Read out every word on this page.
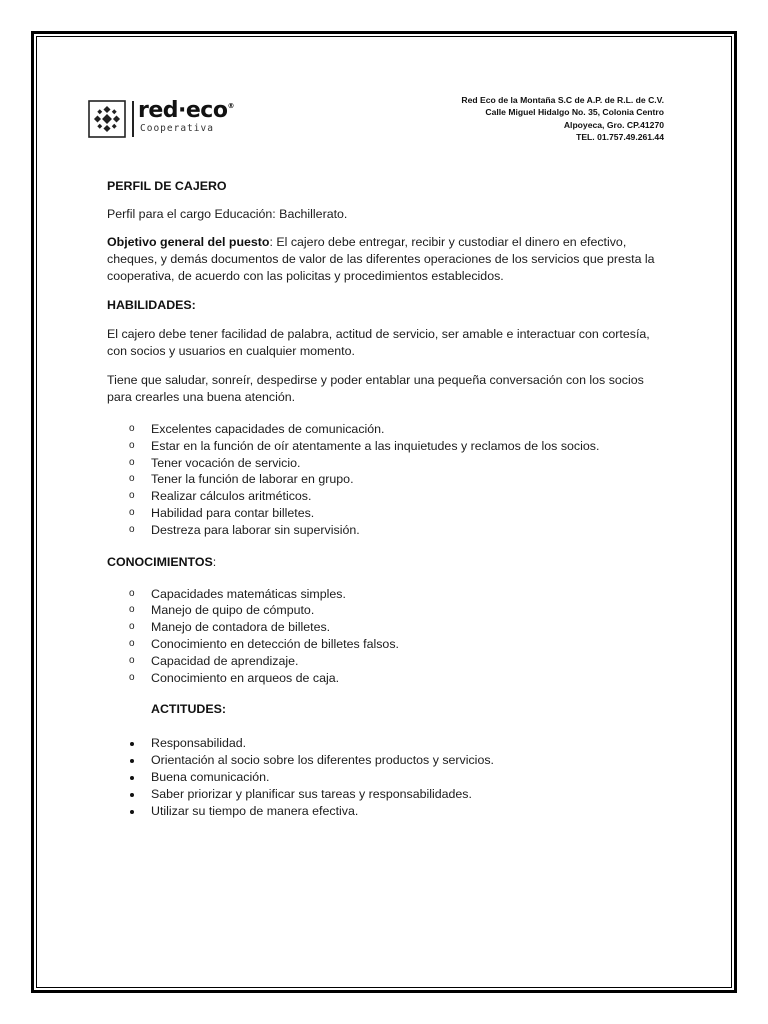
red·eco®
Cooperativa
Red Eco de la Montaña S.C de A.P. de R.L. de C.V.
Calle Miguel Hidalgo No. 35, Colonia Centro
Alpoyeca, Gro. CP.41270
TEL. 01.757.49.261.44

PERFIL DE CAJERO

Perfil para el cargo Educación: Bachillerato.

Objetivo general del puesto: El cajero debe entregar, recibir y custodiar el dinero en efectivo, cheques, y demás documentos de valor de las diferentes operaciones de los servicios que presta la cooperativa, de acuerdo con las policitas y procedimientos establecidos.

HABILIDADES:

El cajero debe tener facilidad de palabra, actitud de servicio, ser amable e interactuar con cortesía, con socios y usuarios en cualquier momento.

Tiene que saludar, sonreír, despedirse y poder entablar una pequeña conversación con los socios para crearles una buena atención.

o Excelentes capacidades de comunicación.
o Estar en la función de oír atentamente a las inquietudes y reclamos de los socios.
o Tener vocación de servicio.
o Tener la función de laborar en grupo.
o Realizar cálculos aritméticos.
o Habilidad para contar billetes.
o Destreza para laborar sin supervisión.

CONOCIMIENTOS:

o Capacidades matemáticas simples.
o Manejo de quipo de cómputo.
o Manejo de contadora de billetes.
o Conocimiento en detección de billetes falsos.
o Capacidad de aprendizaje.
o Conocimiento en arqueos de caja.

ACTITUDES:

Responsabilidad.
Orientación al socio sobre los diferentes productos y servicios.
Buena comunicación.
Saber priorizar y planificar sus tareas y responsabilidades.
Utilizar su tiempo de manera efectiva.
